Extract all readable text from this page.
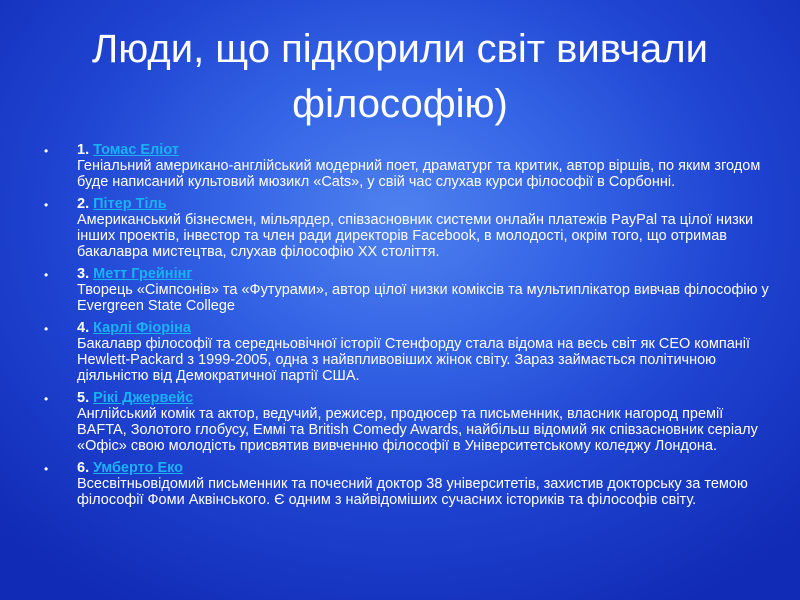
Люди, що підкорили світ вивчали філософію)
• 1. Томас Еліот
Геніальний американо-англійський модерний поет, драматург та критик, автор віршів, по яким згодом буде написаний культовий мюзикл «Cats», у свій час слухав курси філософії в Сорбонні.
• 2. Пітер Тіль
Американський бізнесмен, мільярдер, співзасновник системи онлайн платежів PayPal та цілої низки інших проектів, інвестор та член ради директорів Facebook, в молодості, окрім того, що отримав бакалавра мистецтва, слухав філософію ХХ століття.
• 3. Метт Грейнінг
Творець «Сімпсонів» та «Футурами», автор цілої низки коміксів та мультиплікатор вивчав філософію у Evergreen State College
• 4. Карлі Фіоріна
Бакалавр філософії та середньовічної історії Стенфорду стала відома на весь світ як CEO компанії Hewlett-Packard з 1999-2005, одна з найвпливовіших жінок світу. Зараз займається політичною діяльністю від Демократичної партії США.
• 5. Рікі Джервейс
Англійський комік та актор, ведучий, режисер, продюсер та письменник, власник нагород премії BAFTA, Золотого глобусу, Еммі та British Comedy Awards, найбільш відомий як співзасновник серіалу «Офіс» свою молодість присвятив вивченню філософії в Університетському коледжу Лондона.
• 6. Умберто Еко
Всесвітньовідомий письменник та почесний доктор 38 університетів, захистив докторську за темою філософії Фоми Аквінського. Є одним з найвідоміших сучасних істориків та філософів світу.
